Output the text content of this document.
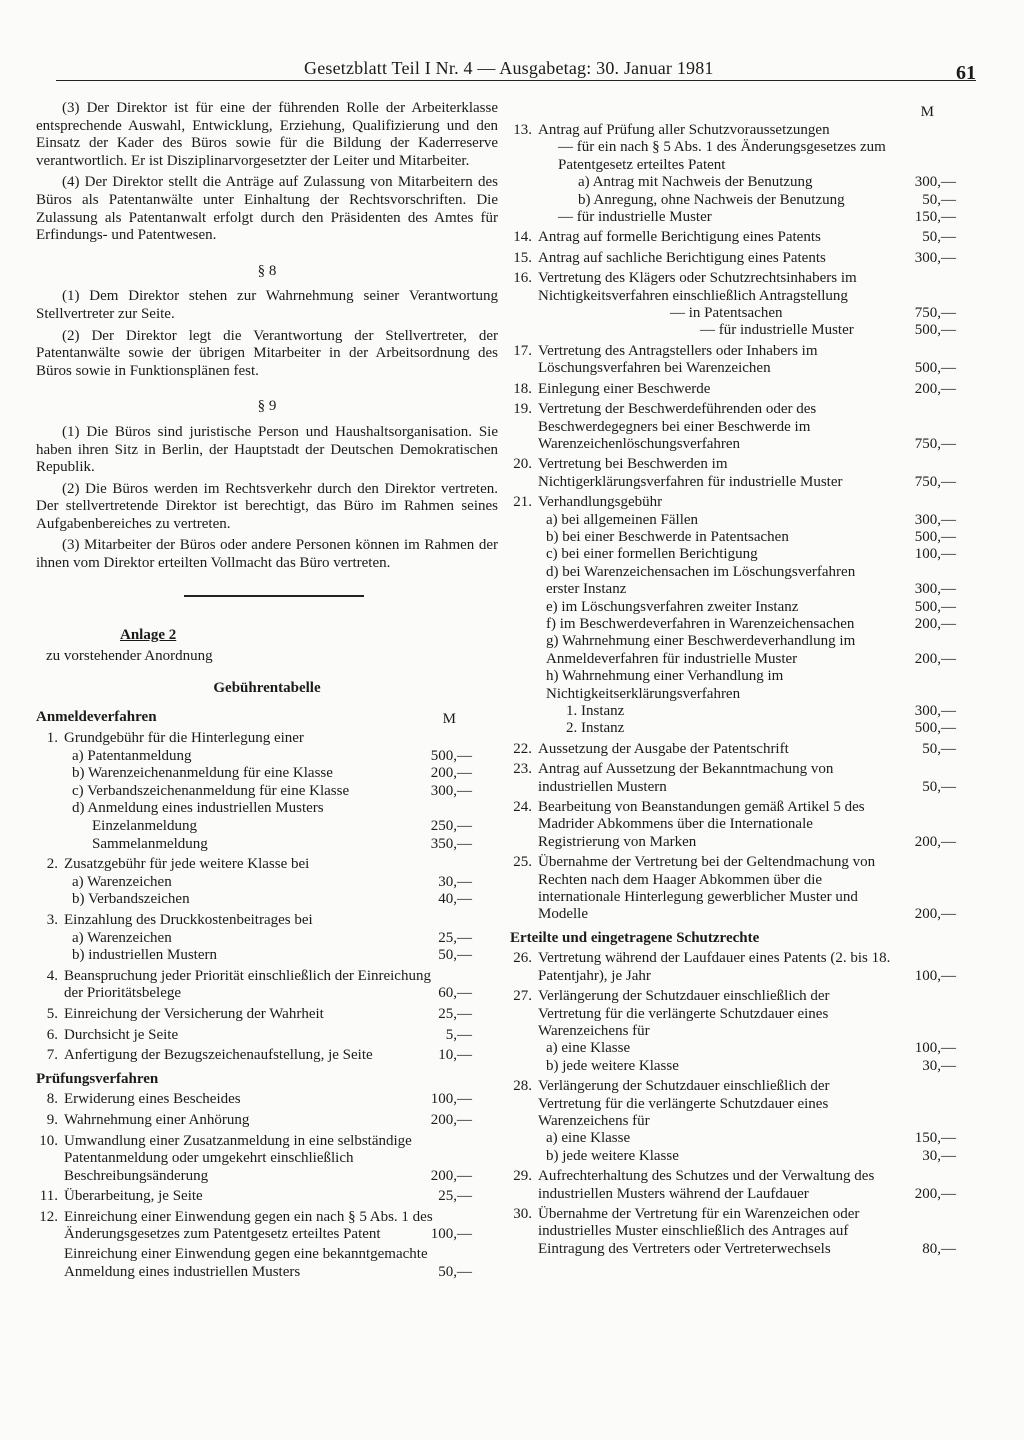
Gesetzblatt Teil I Nr. 4 — Ausgabetag: 30. Januar 1981	61

(3) Der Direktor ist für eine der führenden Rolle der Arbeiterklasse entsprechende Auswahl, Entwicklung, Erziehung, Qualifizierung und den Einsatz der Kader des Büros sowie für die Bildung der Kaderreserve verantwortlich. Er ist Disziplinarvorgesetzter der Leiter und Mitarbeiter.

(4) Der Direktor stellt die Anträge auf Zulassung von Mitarbeitern des Büros als Patentanwälte unter Einhaltung der Rechtsvorschriften. Die Zulassung als Patentanwalt erfolgt durch den Präsidenten des Amtes für Erfindungs- und Patentwesen.

§ 8

(1) Dem Direktor stehen zur Wahrnehmung seiner Verantwortung Stellvertreter zur Seite.

(2) Der Direktor legt die Verantwortung der Stellvertreter, der Patentanwälte sowie der übrigen Mitarbeiter in der Arbeitsordnung des Büros sowie in Funktionsplänen fest.

§ 9

(1) Die Büros sind juristische Person und Haushaltsorganisation. Sie haben ihren Sitz in Berlin, der Hauptstadt der Deutschen Demokratischen Republik.

(2) Die Büros werden im Rechtsverkehr durch den Direktor vertreten. Der stellvertretende Direktor ist berechtigt, das Büro im Rahmen seines Aufgabenbereiches zu vertreten.

(3) Mitarbeiter der Büros oder andere Personen können im Rahmen der ihnen vom Direktor erteilten Vollmacht das Büro vertreten.

Anlage 2
zu vorstehender Anordnung
Gebührentabelle
Anmeldeverfahren	M
1. Grundgebühr für die Hinterlegung einer
a) Patentanmeldung	500,—
b) Warenzeichenanmeldung für eine Klasse	200,—
c) Verbandszeichenanmeldung für eine Klasse	300,—
d) Anmeldung eines industriellen Musters
Einzelanmeldung	250,—
Sammelanmeldung	350,—
2. Zusatzgebühr für jede weitere Klasse bei
a) Warenzeichen	30,—
b) Verbandszeichen	40,—
3. Einzahlung des Druckkostenbeitrages bei
a) Warenzeichen	25,—
b) industriellen Mustern	50,—
4. Beanspruchung jeder Priorität einschließlich der Einreichung der Prioritätsbelege	60,—
5. Einreichung der Versicherung der Wahrheit	25,—
6. Durchsicht je Seite	5,—
7. Anfertigung der Bezugszeichenaufstellung, je Seite	10,—
Prüfungsverfahren
8. Erwiderung eines Bescheides	100,—
9. Wahrnehmung einer Anhörung	200,—
10. Umwandlung einer Zusatzanmeldung in eine selbständige Patentanmeldung oder umgekehrt einschließlich Beschreibungsänderung	200,—
11. Überarbeitung, je Seite	25,—
12. Einreichung einer Einwendung gegen ein nach § 5 Abs. 1 des Änderungsgesetzes zum Patentgesetz erteiltes Patent	100,—
Einreichung einer Einwendung gegen eine bekanntgemachte Anmeldung eines industriellen Musters	50,—
M
13. Antrag auf Prüfung aller Schutzvoraussetzungen
— für ein nach § 5 Abs. 1 des Änderungsgesetzes zum Patentgesetz erteiltes Patent
a) Antrag mit Nachweis der Benutzung	300,—
b) Anregung, ohne Nachweis der Benutzung	50,—
— für industrielle Muster	150,—
14. Antrag auf formelle Berichtigung eines Patents	50,—
15. Antrag auf sachliche Berichtigung eines Patents	300,—
16. Vertretung des Klägers oder Schutzrechtsinhabers im Nichtigkeitsverfahren einschließlich Antragstellung
— in Patentsachen	750,—
— für industrielle Muster	500,—
17. Vertretung des Antragstellers oder Inhabers im Löschungsverfahren bei Warenzeichen	500,—
18. Einlegung einer Beschwerde	200,—
19. Vertretung der Beschwerdeführenden oder des Beschwerdegegners bei einer Beschwerde im Warenzeichenlöschungsverfahren	750,—
20. Vertretung bei Beschwerden im Nichtigerklärungsverfahren für industrielle Muster	750,—
21. Verhandlungsgebühr
a) bei allgemeinen Fällen	300,—
b) bei einer Beschwerde in Patentsachen	500,—
c) bei einer formellen Berichtigung	100,—
d) bei Warenzeichensachen im Löschungsverfahren erster Instanz	300,—
e) im Löschungsverfahren zweiter Instanz	500,—
f) im Beschwerdeverfahren in Warenzeichensachen	200,—
g) Wahrnehmung einer Beschwerdeverhandlung im Anmeldeverfahren für industrielle Muster	200,—
h) Wahrnehmung einer Verhandlung im Nichtigkeitserklärungsverfahren
1. Instanz	300,—
2. Instanz	500,—
22. Aussetzung der Ausgabe der Patentschrift	50,—
23. Antrag auf Aussetzung der Bekanntmachung von industriellen Mustern	50,—
24. Bearbeitung von Beanstandungen gemäß Artikel 5 des Madrider Abkommens über die Internationale Registrierung von Marken	200,—
25. Übernahme der Vertretung bei der Geltendmachung von Rechten nach dem Haager Abkommen über die internationale Hinterlegung gewerblicher Muster und Modelle	200,—
Erteilte und eingetragene Schutzrechte
26. Vertretung während der Laufdauer eines Patents (2. bis 18. Patentjahr), je Jahr	100,—
27. Verlängerung der Schutzdauer einschließlich der Vertretung für die verlängerte Schutzdauer eines Warenzeichens für
a) eine Klasse	100,—
b) jede weitere Klasse	30,—
28. Verlängerung der Schutzdauer einschließlich der Vertretung für die verlängerte Schutzdauer eines Warenzeichens für
a) eine Klasse	150,—
b) jede weitere Klasse	30,—
29. Aufrechterhaltung des Schutzes und der Verwaltung des industriellen Musters während der Laufdauer	200,—
30. Übernahme der Vertretung für ein Warenzeichen oder industrielles Muster einschließlich des Antrages auf Eintragung des Vertreters oder Vertreterwechsels	80,—
